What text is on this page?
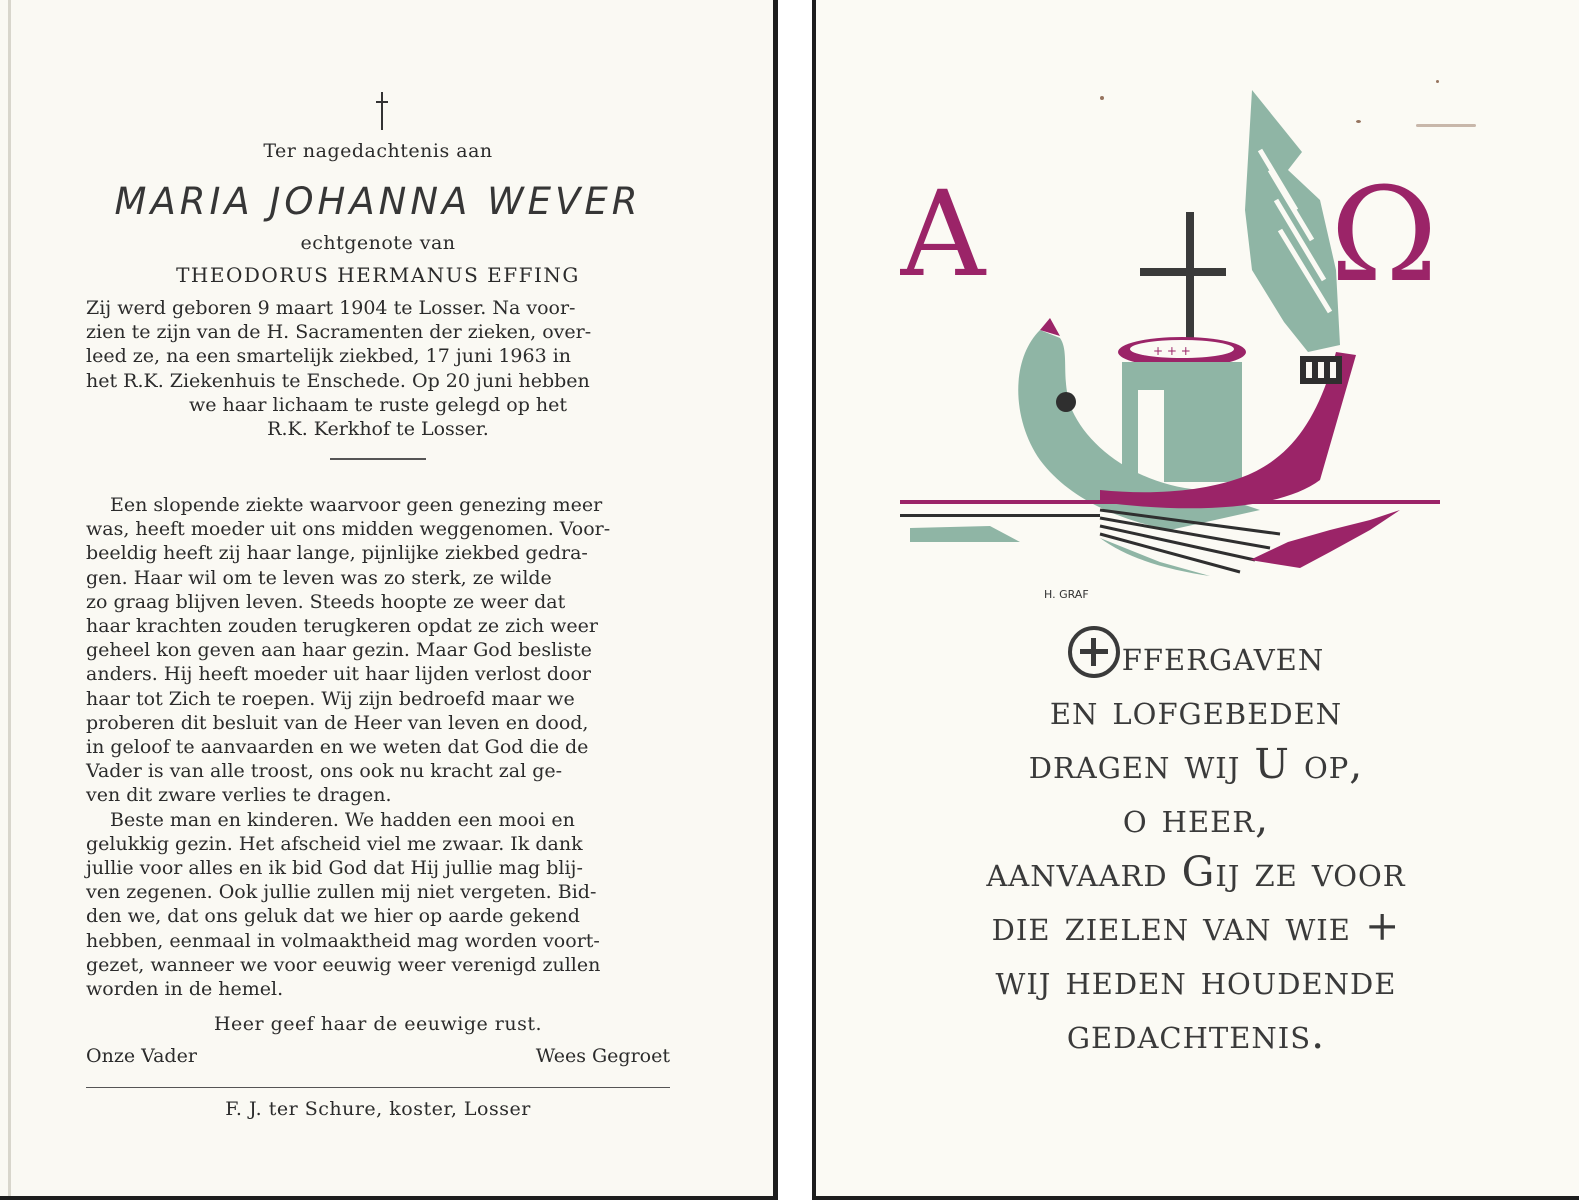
Ter nagedachtenis aan
MARIA JOHANNA WEVER
echtgenote van
THEODORUS HERMANUS EFFING
Zij werd geboren 9 maart 1904 te Losser. Na voor-
zien te zijn van de H. Sacramenten der zieken, over-
leed ze, na een smartelijk ziekbed, 17 juni 1963 in
het R.K. Ziekenhuis te Enschede. Op 20 juni hebben
we haar lichaam te ruste gelegd op het
R.K. Kerkhof te Losser.
Een slopende ziekte waarvoor geen genezing meer
was, heeft moeder uit ons midden weggenomen. Voor-
beeldig heeft zij haar lange, pijnlijke ziekbed gedra-
gen. Haar wil om te leven was zo sterk, ze wilde
zo graag blijven leven. Steeds hoopte ze weer dat
haar krachten zouden terugkeren opdat ze zich weer
geheel kon geven aan haar gezin. Maar God besliste
anders. Hij heeft moeder uit haar lijden verlost door
haar tot Zich te roepen. Wij zijn bedroefd maar we
proberen dit besluit van de Heer van leven en dood,
in geloof te aanvaarden en we weten dat God die de
Vader is van alle troost, ons ook nu kracht zal ge-
ven dit zware verlies te dragen.
Beste man en kinderen. We hadden een mooi en
gelukkig gezin. Het afscheid viel me zwaar. Ik dank
jullie voor alles en ik bid God dat Hij jullie mag blij-
ven zegenen. Ook jullie zullen mij niet vergeten. Bid-
den we, dat ons geluk dat we hier op aarde gekend
hebben, eenmaal in volmaaktheid mag worden voort-
gezet, wanneer we voor eeuwig weer verenigd zullen
worden in de hemel.
Heer geef haar de eeuwige rust.
Onze Vader	Wees Gegroet
F. J. ter Schure, koster, Losser
A	Ω
+ + +
H. GRAF
ffergaven
en lofgebeden
dragen wij U op,
o heer,
aanvaard Gij ze voor
die zielen van wie +
wij heden houdende
gedachtenis.
